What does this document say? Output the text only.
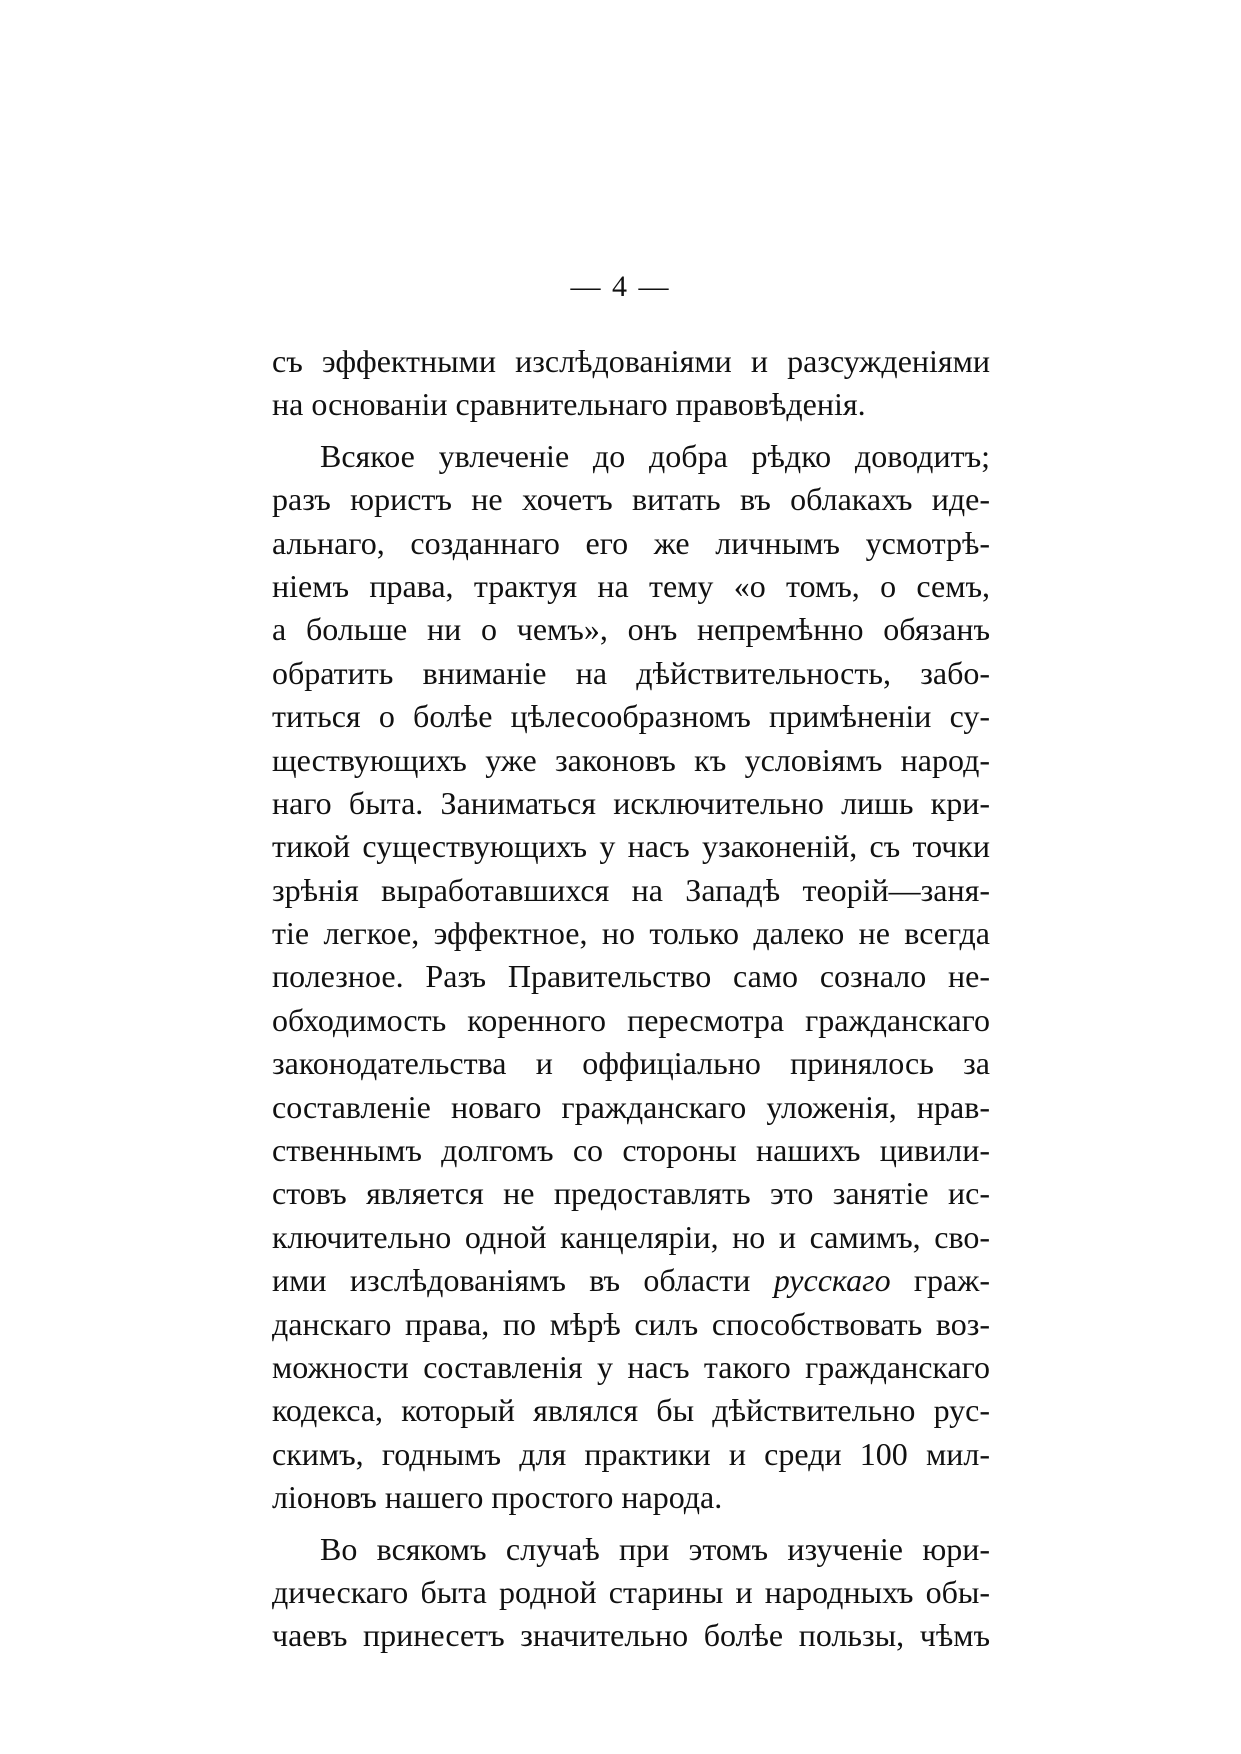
— 4 —
съ эффектными изслѣдованіями и разсужденіями
на основаніи сравнительнаго правовѣденія.
Всякое увлеченіе до добра рѣдко доводитъ;
разъ юристъ не хочетъ витать въ облакахъ иде-
альнаго, созданнаго его же личнымъ усмотрѣ-
ніемъ права, трактуя на тему «о томъ, о семъ,
а больше ни о чемъ», онъ непремѣнно обязанъ
обратить вниманіе на дѣйствительность, забо-
титься о болѣе цѣлесообразномъ примѣненіи су-
ществующихъ уже законовъ къ условіямъ народ-
наго быта. Заниматься исключительно лишь кри-
тикой существующихъ у насъ узаконеній, съ точки
зрѣнія выработавшихся на Западѣ теорій—заня-
тіе легкое, эффектное, но только далеко не всегда
полезное. Разъ Правительство само сознало не-
обходимость коренного пересмотра гражданскаго
законодательства и оффиціально принялось за
составленіе новаго гражданскаго уложенія, нрав-
ственнымъ долгомъ со стороны нашихъ цивили-
стовъ является не предоставлять это занятіе ис-
ключительно одной канцеляріи, но и самимъ, сво-
ими изслѣдованіямъ въ области русскаго граж-
данскаго права, по мѣрѣ силъ способствовать воз-
можности составленія у насъ такого гражданскаго
кодекса, который являлся бы дѣйствительно рус-
скимъ, годнымъ для практики и среди 100 мил-
ліоновъ нашего простого народа.
Во всякомъ случаѣ при этомъ изученіе юри-
дическаго быта родной старины и народныхъ обы-
чаевъ принесетъ значительно болѣе пользы, чѣмъ
